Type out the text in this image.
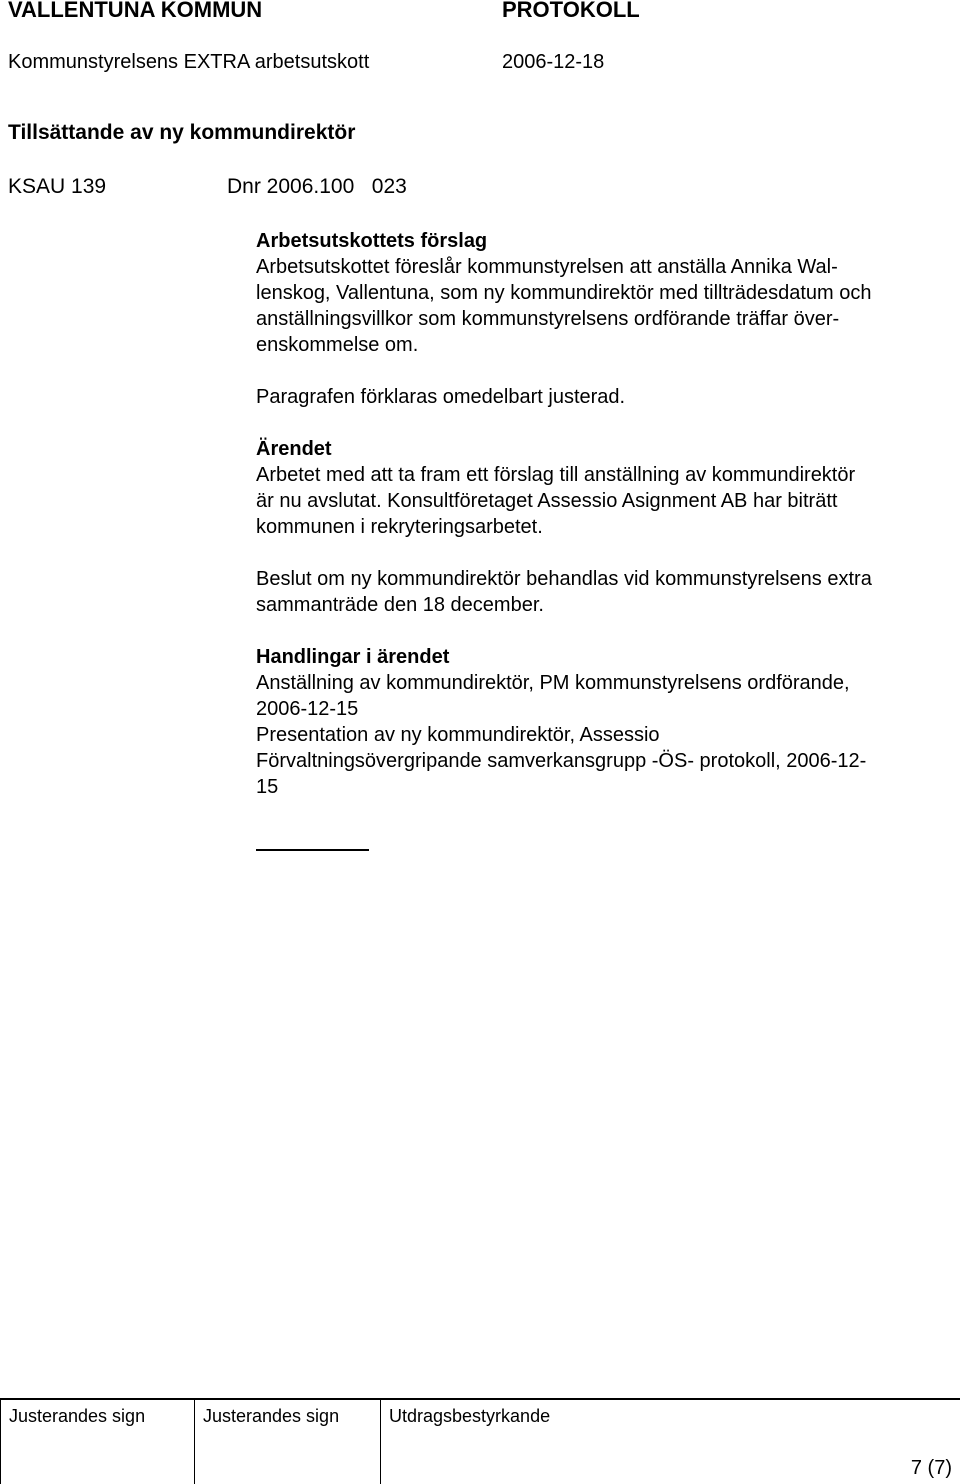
VALLENTUNA KOMMUN	PROTOKOLL
Kommunstyrelsens EXTRA arbetsutskott	2006-12-18
Tillsättande av ny kommundirektör
KSAU 139	Dnr 2006.100   023
Arbetsutskottets förslag

Arbetsutskottet föreslår kommunstyrelsen att anställa Annika Wal-
lenskog, Vallentuna, som ny kommundirektör med tillträdesdatum och
anställningsvillkor som kommunstyrelsens ordförande träffar över-
enskommelse om.

Paragrafen förklaras omedelbart justerad.

Ärendet

Arbetet med att ta fram ett förslag till anställning av kommundirektör
är nu avslutat. Konsultföretaget Assessio Asignment AB har biträtt
kommunen i rekryteringsarbetet.

Beslut om ny kommundirektör behandlas vid kommunstyrelsens extra
sammanträde den 18 december.

Handlingar i ärendet

Anställning av kommundirektör, PM kommunstyrelsens ordförande,
2006-12-15
Presentation av ny kommundirektör, Assessio
Förvaltningsövergripande samverkansgrupp -ÖS- protokoll, 2006-12-
15

Justerandes sign	Justerandes sign	Utdragsbestyrkande
7 (7)
